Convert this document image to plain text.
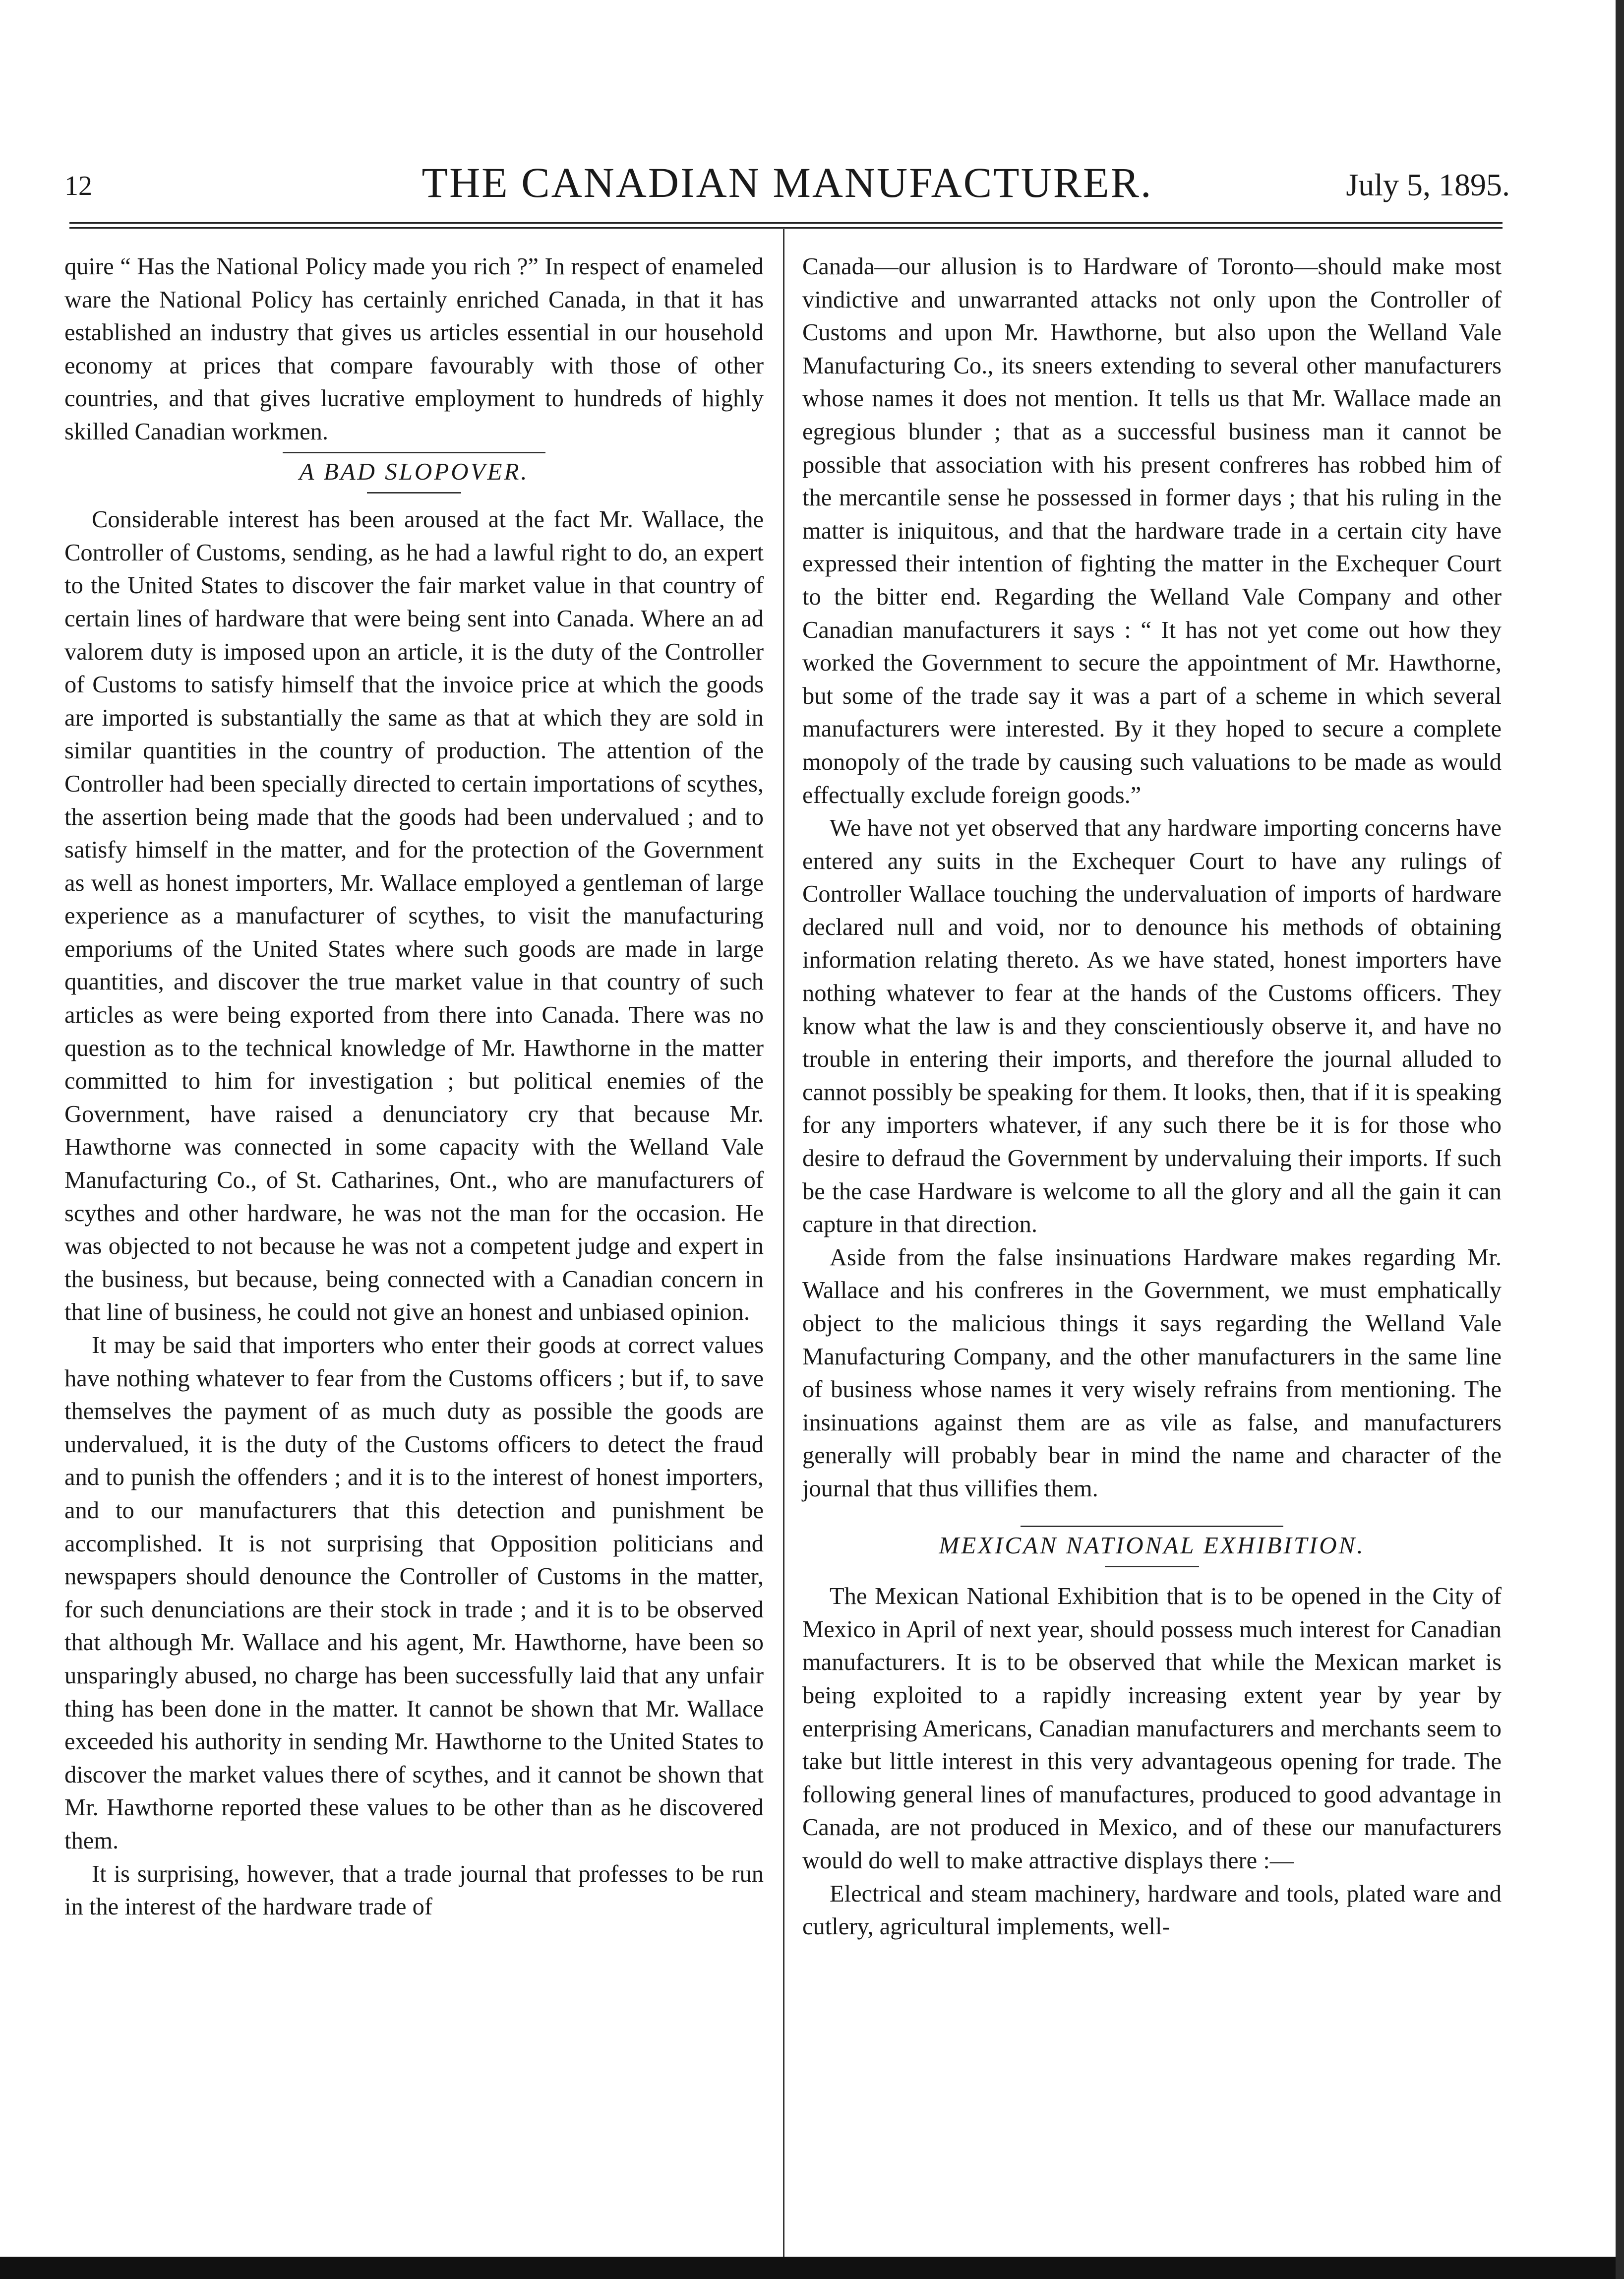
12	THE CANADIAN MANUFACTURER.	July 5, 1895.

quire “ Has the National Policy made you rich ?” In respect of enameled ware the National Policy has certainly enriched Canada, in that it has established an industry that gives us articles essential in our household economy at prices that compare favourably with those of other countries, and that gives lucrative employment to hundreds of highly skilled Canadian workmen.

A BAD SLOPOVER.

Considerable interest has been aroused at the fact Mr. Wallace, the Controller of Customs, sending, as he had a lawful right to do, an expert to the United States to discover the fair market value in that country of certain lines of hardware that were being sent into Canada. Where an ad valorem duty is imposed upon an article, it is the duty of the Controller of Customs to satisfy himself that the invoice price at which the goods are imported is substantially the same as that at which they are sold in similar quantities in the country of production. The attention of the Controller had been specially directed to certain importations of scythes, the assertion being made that the goods had been undervalued ; and to satisfy himself in the matter, and for the protection of the Government as well as honest importers, Mr. Wallace employed a gentleman of large experience as a manufacturer of scythes, to visit the manufacturing emporiums of the United States where such goods are made in large quantities, and discover the true market value in that country of such articles as were being exported from there into Canada. There was no question as to the technical knowledge of Mr. Hawthorne in the matter committed to him for investigation ; but political enemies of the Government, have raised a denunciatory cry that because Mr. Hawthorne was connected in some capacity with the Welland Vale Manufacturing Co., of St. Catharines, Ont., who are manufacturers of scythes and other hardware, he was not the man for the occasion. He was objected to not because he was not a competent judge and expert in the business, but because, being connected with a Canadian concern in that line of business, he could not give an honest and unbiased opinion.

It may be said that importers who enter their goods at correct values have nothing whatever to fear from the Customs officers ; but if, to save themselves the payment of as much duty as possible the goods are undervalued, it is the duty of the Customs officers to detect the fraud and to punish the offenders ; and it is to the interest of honest importers, and to our manufacturers that this detection and punishment be accomplished. It is not surprising that Opposition politicians and newspapers should denounce the Controller of Customs in the matter, for such denunciations are their stock in trade ; and it is to be observed that although Mr. Wallace and his agent, Mr. Hawthorne, have been so unsparingly abused, no charge has been successfully laid that any unfair thing has been done in the matter. It cannot be shown that Mr. Wallace exceeded his authority in sending Mr. Hawthorne to the United States to discover the market values there of scythes, and it cannot be shown that Mr. Hawthorne reported these values to be other than as he discovered them.

It is surprising, however, that a trade journal that professes to be run in the interest of the hardware trade of

Canada—our allusion is to Hardware of Toronto—should make most vindictive and unwarranted attacks not only upon the Controller of Customs and upon Mr. Hawthorne, but also upon the Welland Vale Manufacturing Co., its sneers extending to several other manufacturers whose names it does not mention. It tells us that Mr. Wallace made an egregious blunder ; that as a successful business man it cannot be possible that association with his present confreres has robbed him of the mercantile sense he possessed in former days ; that his ruling in the matter is iniquitous, and that the hardware trade in a certain city have expressed their intention of fighting the matter in the Exchequer Court to the bitter end. Regarding the Welland Vale Company and other Canadian manufacturers it says : “ It has not yet come out how they worked the Government to secure the appointment of Mr. Hawthorne, but some of the trade say it was a part of a scheme in which several manufacturers were interested. By it they hoped to secure a complete monopoly of the trade by causing such valuations to be made as would effectually exclude foreign goods.”

We have not yet observed that any hardware importing concerns have entered any suits in the Exchequer Court to have any rulings of Controller Wallace touching the undervaluation of imports of hardware declared null and void, nor to denounce his methods of obtaining information relating thereto. As we have stated, honest importers have nothing whatever to fear at the hands of the Customs officers. They know what the law is and they conscientiously observe it, and have no trouble in entering their imports, and therefore the journal alluded to cannot possibly be speaking for them. It looks, then, that if it is speaking for any importers whatever, if any such there be it is for those who desire to defraud the Government by undervaluing their imports. If such be the case Hardware is welcome to all the glory and all the gain it can capture in that direction.

Aside from the false insinuations Hardware makes regarding Mr. Wallace and his confreres in the Government, we must emphatically object to the malicious things it says regarding the Welland Vale Manufacturing Company, and the other manufacturers in the same line of business whose names it very wisely refrains from mentioning. The insinuations against them are as vile as false, and manufacturers generally will probably bear in mind the name and character of the journal that thus villifies them.

MEXICAN NATIONAL EXHIBITION.

The Mexican National Exhibition that is to be opened in the City of Mexico in April of next year, should possess much interest for Canadian manufacturers. It is to be observed that while the Mexican market is being exploited to a rapidly increasing extent year by year by enterprising Americans, Canadian manufacturers and merchants seem to take but little interest in this very advantageous opening for trade. The following general lines of manufactures, produced to good advantage in Canada, are not produced in Mexico, and of these our manufacturers would do well to make attractive displays there :—

Electrical and steam machinery, hardware and tools, plated ware and cutlery, agricultural implements, well-
